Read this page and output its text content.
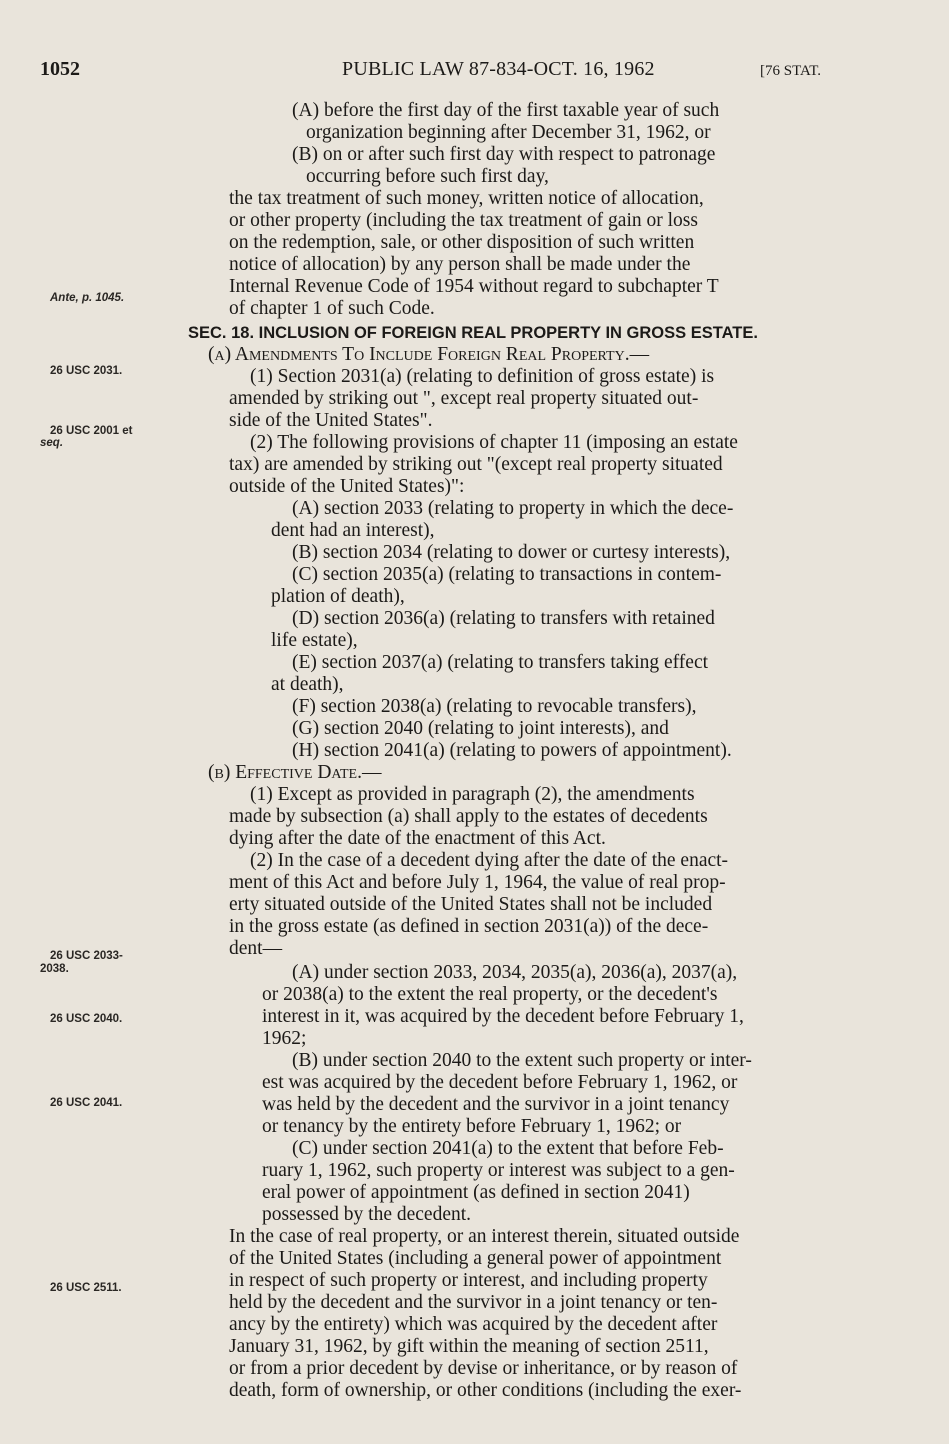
1052	PUBLIC LAW 87-834-OCT. 16, 1962	[76 STAT.
Ante, p. 1045.
26 USC 2031.
26 USC 2001 et
seq.
26 USC 2033-
2038.
26 USC 2040.
26 USC 2041.
26 USC 2511.
(A) before the first day of the first taxable year of such
organization beginning after December 31, 1962, or
(B) on or after such first day with respect to patronage
occurring before such first day,
the tax treatment of such money, written notice of allocation,
or other property (including the tax treatment of gain or loss
on the redemption, sale, or other disposition of such written
notice of allocation) by any person shall be made under the
Internal Revenue Code of 1954 without regard to subchapter T
of chapter 1 of such Code.
SEC. 18. INCLUSION OF FOREIGN REAL PROPERTY IN GROSS ESTATE.
(a) Amendments To Include Foreign Real Property.—
(1) Section 2031(a) (relating to definition of gross estate) is
amended by striking out ", except real property situated out-
side of the United States".
(2) The following provisions of chapter 11 (imposing an estate
tax) are amended by striking out "(except real property situated
outside of the United States)":
(A) section 2033 (relating to property in which the dece-
dent had an interest),
(B) section 2034 (relating to dower or curtesy interests),
(C) section 2035(a) (relating to transactions in contem-
plation of death),
(D) section 2036(a) (relating to transfers with retained
life estate),
(E) section 2037(a) (relating to transfers taking effect
at death),
(F) section 2038(a) (relating to revocable transfers),
(G) section 2040 (relating to joint interests), and
(H) section 2041(a) (relating to powers of appointment).
(b) Effective Date.—
(1) Except as provided in paragraph (2), the amendments
made by subsection (a) shall apply to the estates of decedents
dying after the date of the enactment of this Act.
(2) In the case of a decedent dying after the date of the enact-
ment of this Act and before July 1, 1964, the value of real prop-
erty situated outside of the United States shall not be included
in the gross estate (as defined in section 2031(a)) of the dece-
dent—
(A) under section 2033, 2034, 2035(a), 2036(a), 2037(a),
or 2038(a) to the extent the real property, or the decedent's
interest in it, was acquired by the decedent before February 1,
1962;
(B) under section 2040 to the extent such property or inter-
est was acquired by the decedent before February 1, 1962, or
was held by the decedent and the survivor in a joint tenancy
or tenancy by the entirety before February 1, 1962; or
(C) under section 2041(a) to the extent that before Feb-
ruary 1, 1962, such property or interest was subject to a gen-
eral power of appointment (as defined in section 2041)
possessed by the decedent.
In the case of real property, or an interest therein, situated outside
of the United States (including a general power of appointment
in respect of such property or interest, and including property
held by the decedent and the survivor in a joint tenancy or ten-
ancy by the entirety) which was acquired by the decedent after
January 31, 1962, by gift within the meaning of section 2511,
or from a prior decedent by devise or inheritance, or by reason of
death, form of ownership, or other conditions (including the exer-
